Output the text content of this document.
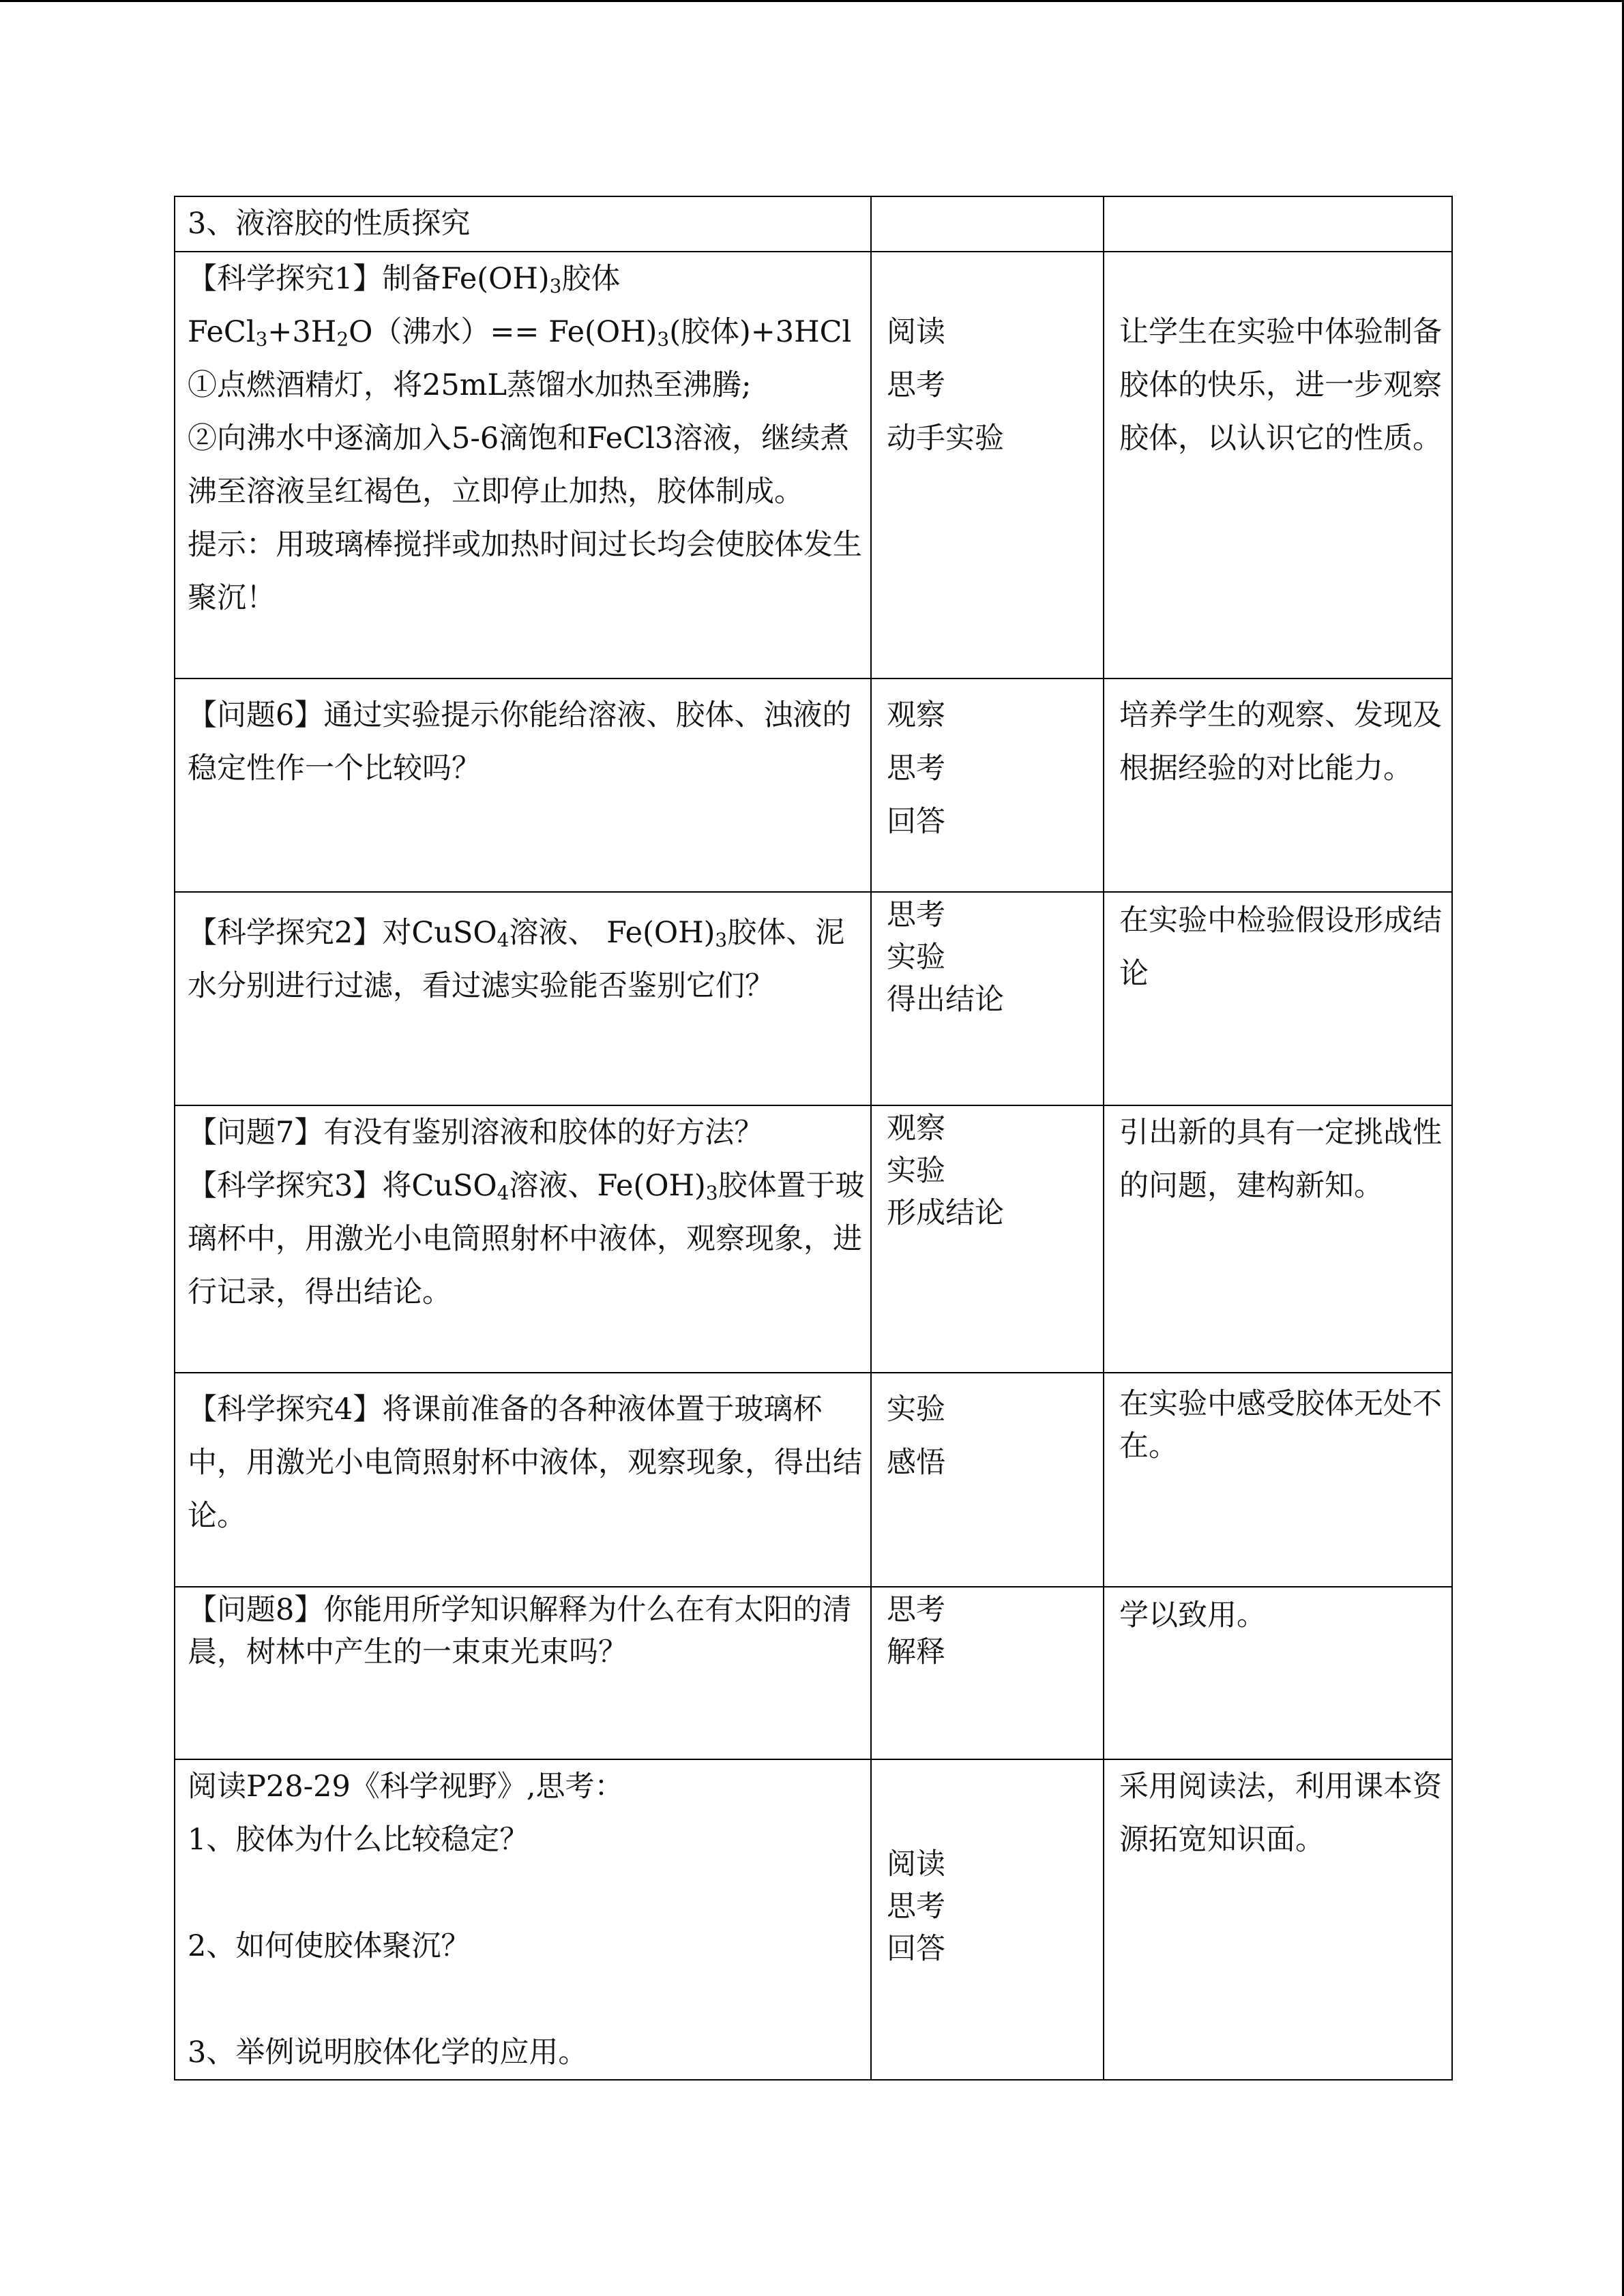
3、液溶胶的性质探究		

【科学探究1】制备$Fe(OH)_3$胶体
$FeCl_3+3H_2O$（沸水）== $Fe(OH)_3$(胶体)+3HCl
①点燃酒精灯，将25mL蒸馏水加热至沸腾;
②向沸水中逐滴加入5-6滴饱和FeCl3溶液，继续煮沸至溶液呈红褐色，立即停止加热，胶体制成。
提示：用玻璃棒搅拌或加热时间过长均会使胶体发生聚沉！	阅读
思考
动手实验	让学生在实验中体验制备胶体的快乐，进一步观察胶体，以认识它的性质。

【问题6】通过实验提示你能给溶液、胶体、浊液的稳定性作一个比较吗？	观察
思考
回答	培养学生的观察、发现及根据经验的对比能力。

【科学探究2】对CuSO$_4$溶液、 $Fe(OH)_3$胶体、泥水分别进行过滤，看过滤实验能否鉴别它们？	思考
实验
得出结论	在实验中检验假设形成结论

【问题7】有没有鉴别溶液和胶体的好方法？
【科学探究3】将CuSO$_4$溶液、$Fe(OH)_3$胶体置于玻璃杯中，用激光小电筒照射杯中液体，观察现象，进行记录，得出结论。	观察
实验
形成结论	引出新的具有一定挑战性的问题，建构新知。

【科学探究4】将课前准备的各种液体置于玻璃杯中，用激光小电筒照射杯中液体，观察现象，得出结论。	实验
感悟	在实验中感受胶体无处不在。

【问题8】你能用所学知识解释为什么在有太阳的清晨，树林中产生的一束束光束吗？	思考
解释	学以致用。

阅读P28-29《科学视野》,思考：
1、胶体为什么比较稳定？
2、如何使胶体聚沉？
3、举例说明胶体化学的应用。	阅读
思考
回答	采用阅读法，利用课本资源拓宽知识面。
